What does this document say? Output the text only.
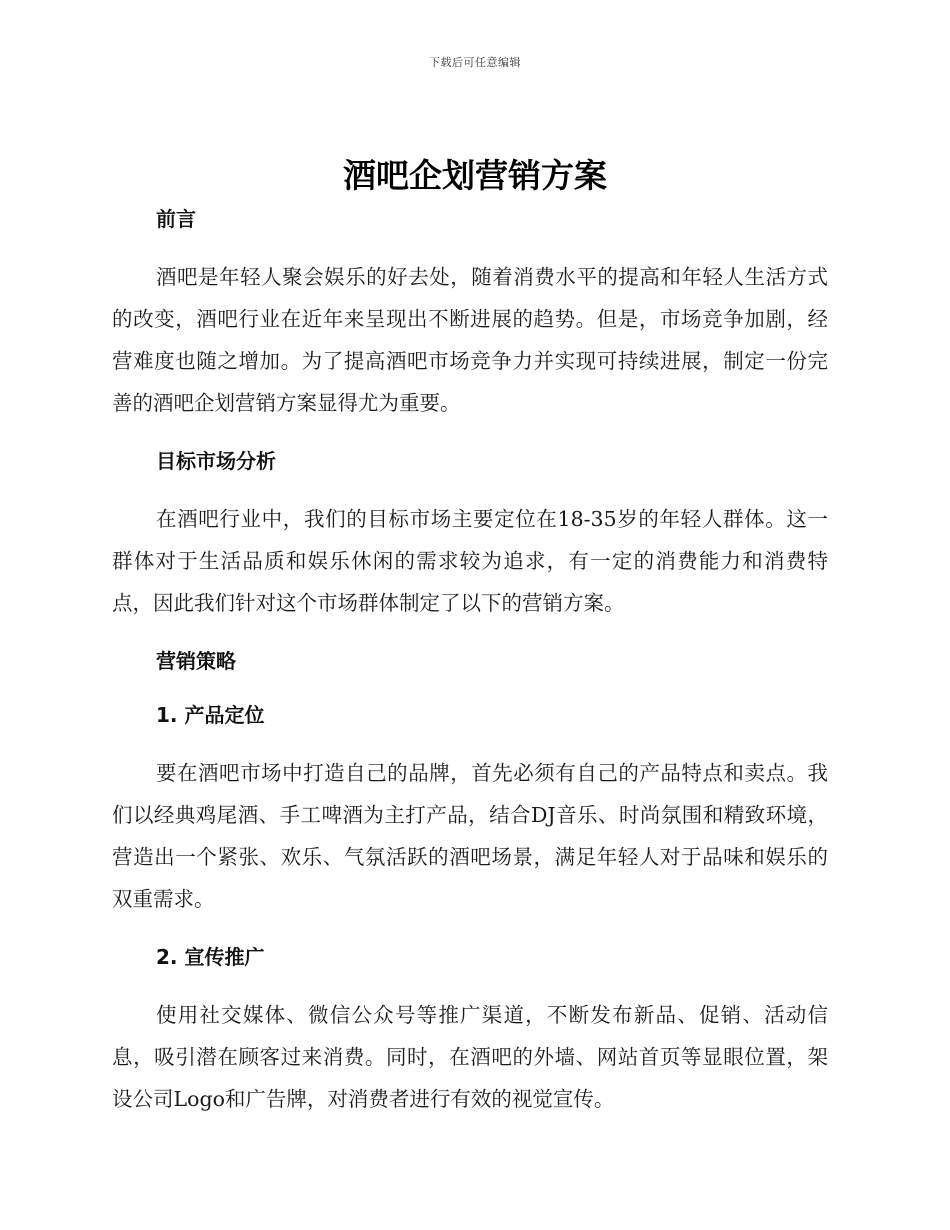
下载后可任意编辑
酒吧企划营销方案
前言

酒吧是年轻人聚会娱乐的好去处，随着消费水平的提高和年轻人生活方式的改变，酒吧行业在近年来呈现出不断进展的趋势。但是，市场竞争加剧，经营难度也随之增加。为了提高酒吧市场竞争力并实现可持续进展，制定一份完善的酒吧企划营销方案显得尤为重要。

目标市场分析

在酒吧行业中，我们的目标市场主要定位在18-35岁的年轻人群体。这一群体对于生活品质和娱乐休闲的需求较为追求，有一定的消费能力和消费特点，因此我们针对这个市场群体制定了以下的营销方案。

营销策略
1. 产品定位

要在酒吧市场中打造自己的品牌，首先必须有自己的产品特点和卖点。我们以经典鸡尾酒、手工啤酒为主打产品，结合DJ音乐、时尚氛围和精致环境，营造出一个紧张、欢乐、气氛活跃的酒吧场景，满足年轻人对于品味和娱乐的双重需求。

2. 宣传推广

使用社交媒体、微信公众号等推广渠道，不断发布新品、促销、活动信息，吸引潜在顾客过来消费。同时，在酒吧的外墙、网站首页等显眼位置，架设公司Logo和广告牌，对消费者进行有效的视觉宣传。
